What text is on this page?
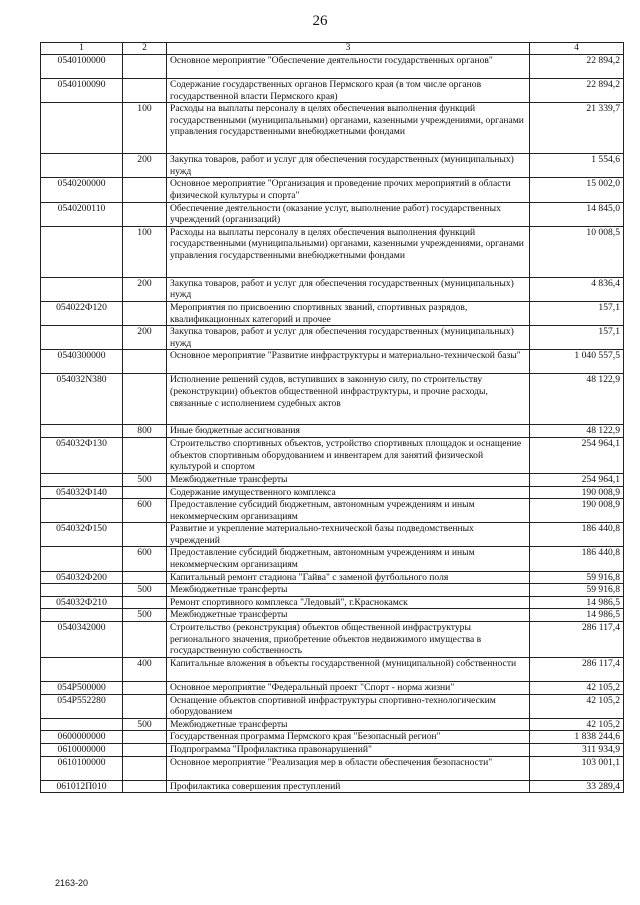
26
1	2	3	4
0540100000		Основное мероприятие "Обеспечение деятельности государственных органов"	22 894,2
0540100090		Содержание государственных органов Пермского края (в том числе органов государственной власти Пермского края)	22 894,2
	100	Расходы на выплаты персоналу в целях обеспечения выполнения функций государственными (муниципальными) органами, казенными учреждениями, органами управления государственными внебюджетными фондами	21 339,7
	200	Закупка товаров, работ и услуг для обеспечения государственных (муниципальных) нужд	1 554,6
0540200000		Основное мероприятие "Организация и проведение прочих мероприятий в области физической культуры и спорта"	15 002,0
0540200110		Обеспечение деятельности (оказание услуг, выполнение работ) государственных учреждений (организаций)	14 845,0
	100	Расходы на выплаты персоналу в целях обеспечения выполнения функций государственными (муниципальными) органами, казенными учреждениями, органами управления государственными внебюджетными фондами	10 008,5
	200	Закупка товаров, работ и услуг для обеспечения государственных (муниципальных) нужд	4 836,4
054022Ф120		Мероприятия по присвоению спортивных званий, спортивных разрядов, квалификационных категорий и прочее	157,1
	200	Закупка товаров, работ и услуг для обеспечения государственных (муниципальных) нужд	157,1
0540300000		Основное мероприятие "Развитие инфраструктуры и материально-технической базы"	1 040 557,5
054032N380		Исполнение решений судов, вступивших в законную силу, по строительству (реконструкции) объектов общественной инфраструктуры, и прочие расходы, связанные с исполнением судебных актов	48 122,9
	800	Иные бюджетные ассигнования	48 122,9
054032Ф130		Строительство спортивных объектов, устройство спортивных площадок и оснащение объектов спортивным оборудованием и инвентарем для занятий физической культурой и спортом	254 964,1
	500	Межбюджетные трансферты	254 964,1
054032Ф140		Содержание имущественного комплекса	190 008,9
	600	Предоставление субсидий бюджетным, автономным учреждениям и иным некоммерческим организациям	190 008,9
054032Ф150		Развитие и укрепление материально-технической базы подведомственных учреждений	186 440,8
	600	Предоставление субсидий бюджетным, автономным учреждениям и иным некоммерческим организациям	186 440,8
054032Ф200		Капитальный ремонт стадиона "Гайва" с заменой футбольного поля	59 916,8
	500	Межбюджетные трансферты	59 916,8
054032Ф210		Ремонт спортивного комплекса "Ледовый", г.Краснокамск	14 986,5
	500	Межбюджетные трансферты	14 986,5
0540342000		Строительство (реконструкция) объектов общественной инфраструктуры регионального значения, приобретение объектов недвижимого имущества в государственную собственность	286 117,4
	400	Капитальные вложения в объекты государственной (муниципальной) собственности	286 117,4
054Р500000		Основное мероприятие "Федеральный проект "Спорт - норма жизни"	42 105,2
054Р552280		Оснащение объектов спортивной инфраструктуры спортивно-технологическим оборудованием	42 105,2
	500	Межбюджетные трансферты	42 105,2
0600000000		Государственная программа Пермского края "Безопасный регион"	1 838 244,6
0610000000		Подпрограмма "Профилактика правонарушений"	311 934,9
0610100000		Основное мероприятие "Реализация мер в области обеспечения безопасности"	103 001,1
061012П010		Профилактика совершения преступлений	33 289,4
2163-20
